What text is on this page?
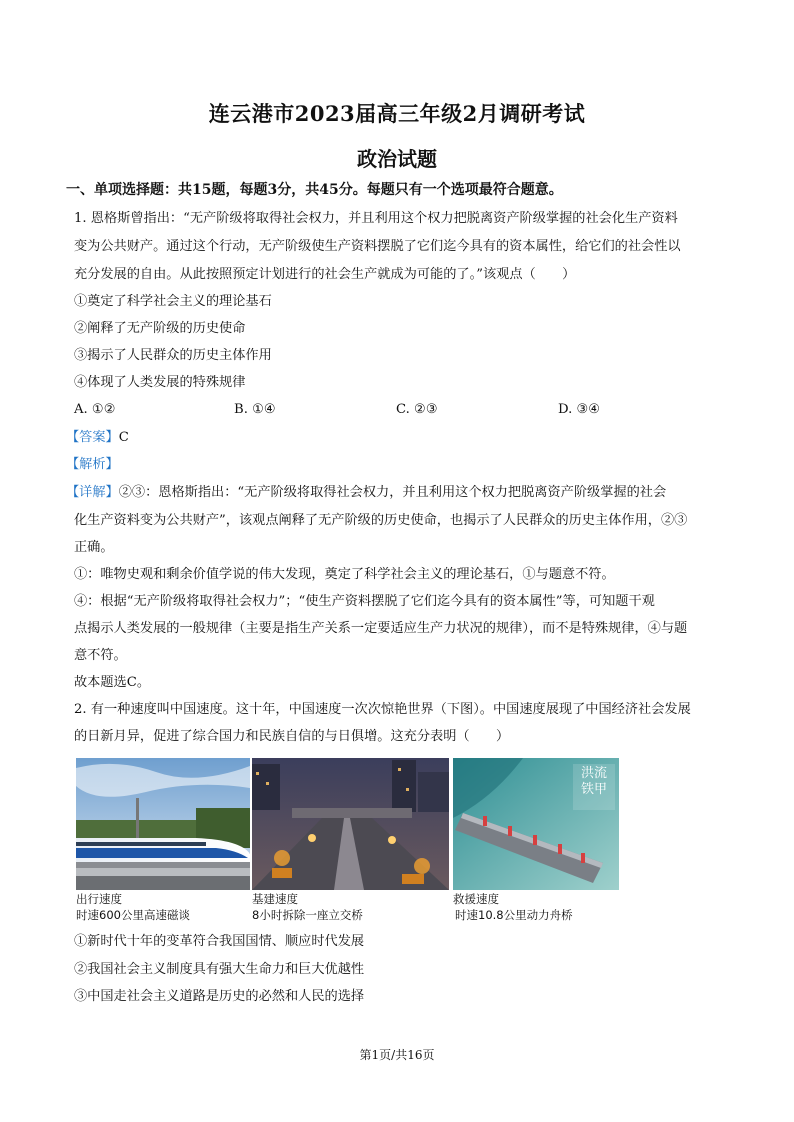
连云港市2023届高三年级2月调研考试
政治试题
一、单项选择题：共15题，每题3分，共45分。每题只有一个选项最符合题意。
1. 恩格斯曾指出：“无产阶级将取得社会权力，并且利用这个权力把脱离资产阶级掌握的社会化生产资料
变为公共财产。通过这个行动，无产阶级使生产资料摆脱了它们迄今具有的资本属性，给它们的社会性以
充分发展的自由。从此按照预定计划进行的社会生产就成为可能的了。”该观点（　　）
①奠定了科学社会主义的理论基石
②阐释了无产阶级的历史使命
③揭示了人民群众的历史主体作用
④体现了人类发展的特殊规律
A. ①②	B. ①④	C. ②③	D. ③④
【答案】C
【解析】
【详解】②③：恩格斯指出：“无产阶级将取得社会权力，并且利用这个权力把脱离资产阶级掌握的社会
化生产资料变为公共财产”，该观点阐释了无产阶级的历史使命，也揭示了人民群众的历史主体作用，②③
正确。
①：唯物史观和剩余价值学说的伟大发现，奠定了科学社会主义的理论基石，①与题意不符。
④：根据“无产阶级将取得社会权力”；“使生产资料摆脱了它们迄今具有的资本属性”等，可知题干观
点揭示人类发展的一般规律（主要是指生产关系一定要适应生产力状况的规律），而不是特殊规律，④与题
意不符。
故本题选C。
2. 有一种速度叫中国速度。这十年，中国速度一次次惊艳世界（下图）。中国速度展现了中国经济社会发展
的日新月异，促进了综合国力和民族自信的与日俱增。这充分表明（　　）
洪流铁甲
出行速度
时速600公里高速磁谈
基建速度
8小时拆除一座立交桥
救援速度
时速10.8公里动力舟桥
①新时代十年的变革符合我国国情、顺应时代发展
②我国社会主义制度具有强大生命力和巨大优越性
③中国走社会主义道路是历史的必然和人民的选择
第1页/共16页
